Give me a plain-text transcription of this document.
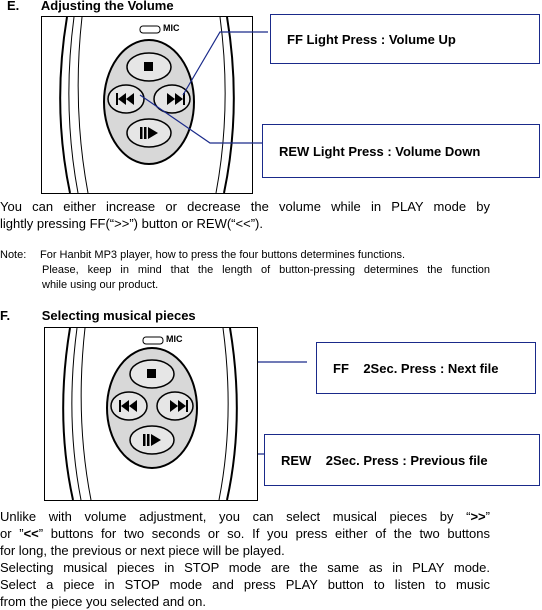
E. Adjusting the Volume
MIC
FF Light Press : Volume Up
REW Light Press : Volume Down
You can either increase or decrease the volume while in PLAY mode by
lightly pressing FF(“>>”) button or REW(“<<”).
Note: For Hanbit MP3 player, how to press the four buttons determines functions.
Please, keep in mind that the length of button-pressing determines the function
while using our product.
F. Selecting musical pieces
MIC
FF    2Sec. Press : Next file
REW    2Sec. Press : Previous file
Unlike with volume adjustment, you can select musical pieces by “>>”
or ”<<” buttons for two seconds or so. If you press either of the two buttons
for long, the previous or next piece will be played.
Selecting musical pieces in STOP mode are the same as in PLAY mode.
Select a piece in STOP mode and press PLAY button to listen to music
from the piece you selected and on.
